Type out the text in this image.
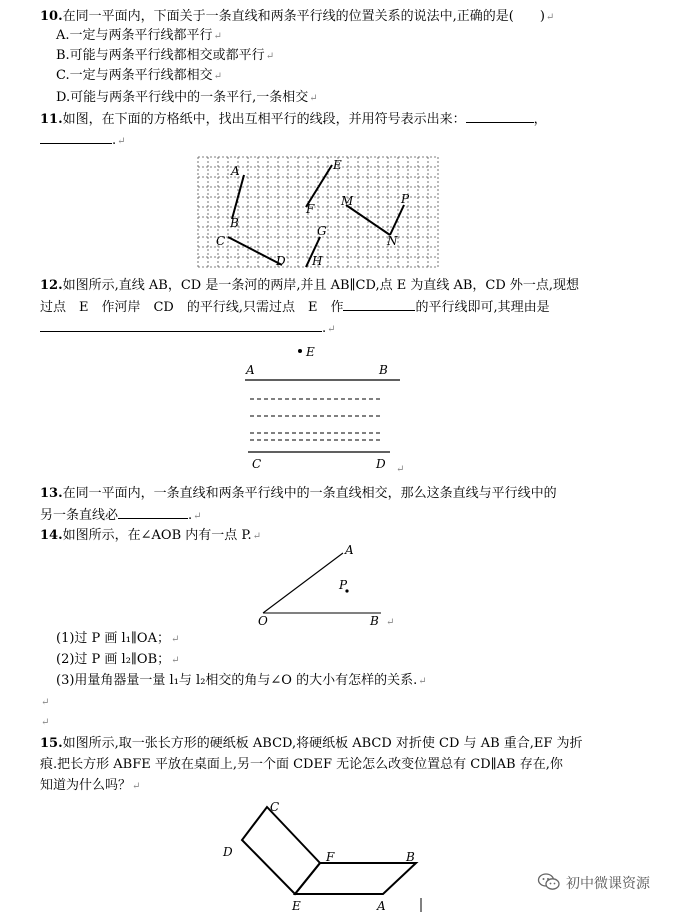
10.在同一平面内，下面关于一条直线和两条平行线的位置关系的说法中,正确的是(　　)↵
A.一定与两条平行线都平行↵
B.可能与两条平行线都相交或都平行↵
C.一定与两条平行线都相交↵
D.可能与两条平行线中的一条平行,一条相交↵
11.如图，在下面的方格纸中，找出互相平行的线段，并用符号表示出来：	，
.↵
A
B
C
D
E
F
G
H
M
N
P
12.如图所示,直线 AB，CD 是一条河的两岸,并且 AB∥CD,点 E 为直线 AB，CD 外一点,现想
过点　E　作河岸　CD　的平行线,只需过点　E　作	的平行线即可,其理由是
.↵
E
A	B
C	D ↵
13.在同一平面内，一条直线和两条平行线中的一条直线相交，那么这条直线与平行线中的
另一条直线必	.↵
14.如图所示，在∠AOB 内有一点 P.↵
A
P
O	B ↵
(1)过 P 画 l₁∥OA；↵
(2)过 P 画 l₂∥OB；↵
(3)用量角器量一量 l₁与 l₂相交的角与∠O 的大小有怎样的关系.↵
↵
↵
15.如图所示,取一张长方形的硬纸板 ABCD,将硬纸板 ABCD 对折使 CD 与 AB 重合,EF 为折
痕.把长方形 ABFE 平放在桌面上,另一个面 CDEF 无论怎么改变位置总有 CD∥AB 存在,你
知道为什么吗？↵
C
D	F	B
E	A
初中微课资源
